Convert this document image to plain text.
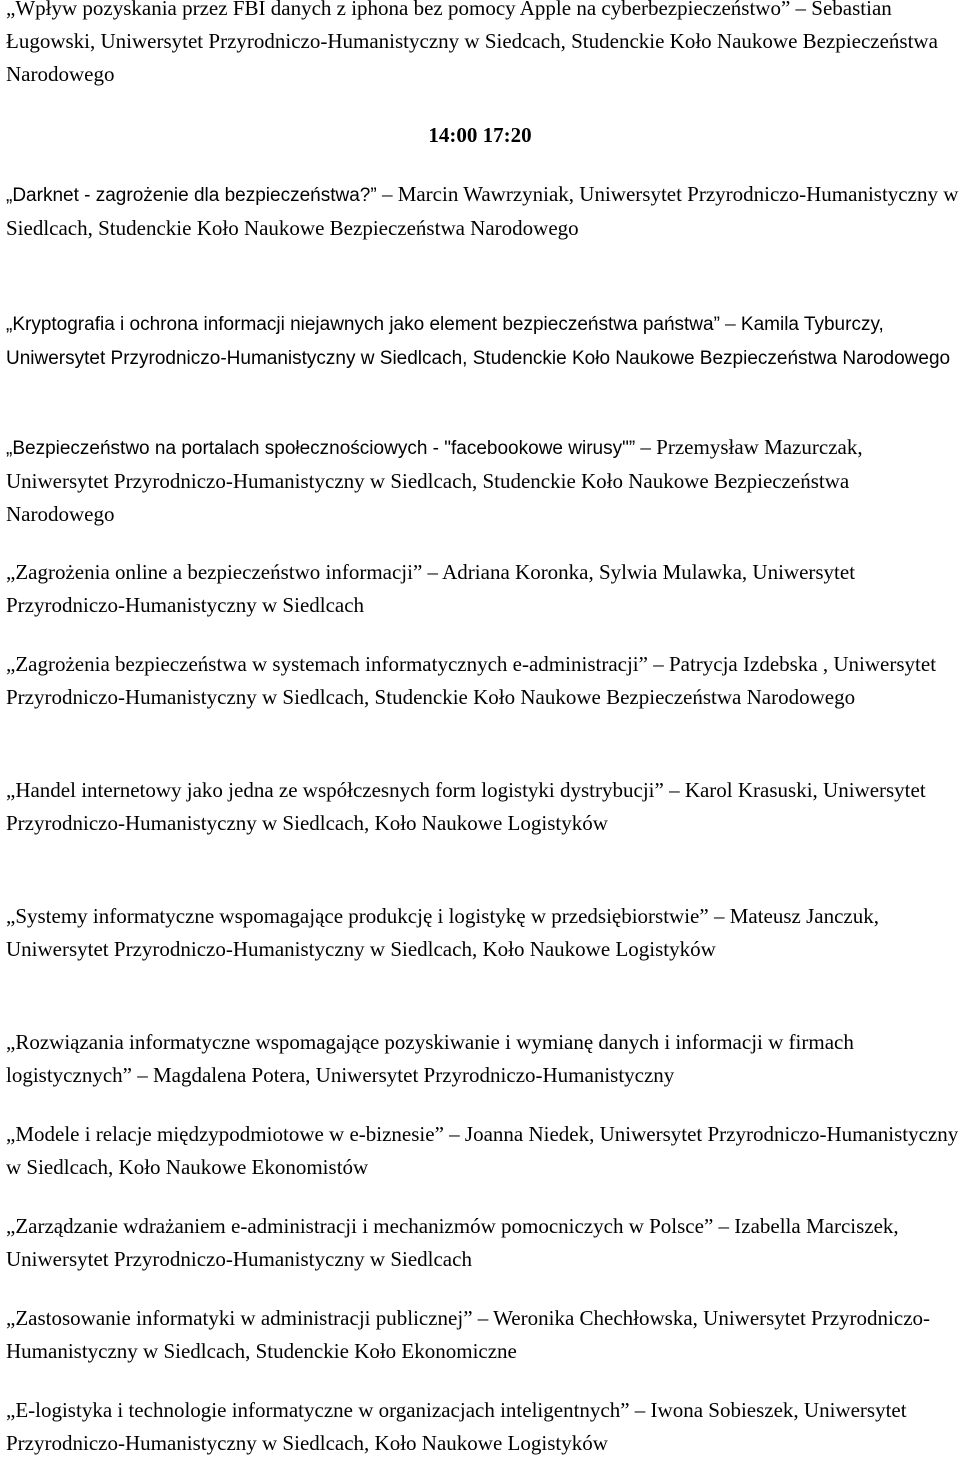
„Wpływ pozyskania przez FBI danych z iphona bez pomocy Apple na cyberbezpieczeństwo” – Sebastian Ługowski, Uniwersytet Przyrodniczo-Humanistyczny w Siedcach, Studenckie Koło Naukowe Bezpieczeństwa Narodowego

14:00 17:20

„Darknet - zagrożenie dla bezpieczeństwa?” – Marcin Wawrzyniak, Uniwersytet Przyrodniczo-Humanistyczny w Siedlcach, Studenckie Koło Naukowe Bezpieczeństwa Narodowego

„Kryptografia i ochrona informacji niejawnych jako element bezpieczeństwa państwa” – Kamila Tyburczy, Uniwersytet Przyrodniczo-Humanistyczny w Siedlcach, Studenckie Koło Naukowe Bezpieczeństwa Narodowego

„Bezpieczeństwo na portalach społecznościowych - "facebookowe wirusy"” – Przemysław Mazurczak, Uniwersytet Przyrodniczo-Humanistyczny w Siedlcach, Studenckie Koło Naukowe Bezpieczeństwa Narodowego

„Zagrożenia online a bezpieczeństwo informacji” – Adriana Koronka, Sylwia Mulawka, Uniwersytet Przyrodniczo-Humanistyczny w Siedlcach

„Zagrożenia bezpieczeństwa w systemach informatycznych e-administracji” – Patrycja Izdebska , Uniwersytet Przyrodniczo-Humanistyczny w Siedlcach, Studenckie Koło Naukowe Bezpieczeństwa Narodowego

„Handel internetowy jako jedna ze współczesnych form logistyki dystrybucji” – Karol Krasuski, Uniwersytet Przyrodniczo-Humanistyczny w Siedlcach, Koło Naukowe Logistyków

„Systemy informatyczne wspomagające produkcję i logistykę w przedsiębiorstwie” – Mateusz Janczuk, Uniwersytet Przyrodniczo-Humanistyczny w Siedlcach, Koło Naukowe Logistyków

„Rozwiązania informatyczne wspomagające pozyskiwanie i wymianę danych i informacji w firmach logistycznych” – Magdalena Potera, Uniwersytet Przyrodniczo-Humanistyczny

„Modele i relacje międzypodmiotowe w e-biznesie” – Joanna Niedek, Uniwersytet Przyrodniczo-Humanistyczny w Siedlcach, Koło Naukowe Ekonomistów

„Zarządzanie wdrażaniem e-administracji i mechanizmów pomocniczych w Polsce” – Izabella Marciszek, Uniwersytet Przyrodniczo-Humanistyczny w Siedlcach

„Zastosowanie informatyki w administracji publicznej” – Weronika Chechłowska, Uniwersytet Przyrodniczo-Humanistyczny w Siedlcach, Studenckie Koło Ekonomiczne

„E-logistyka i technologie informatyczne w organizacjach inteligentnych” – Iwona Sobieszek, Uniwersytet Przyrodniczo-Humanistyczny w Siedlcach, Koło Naukowe Logistyków
